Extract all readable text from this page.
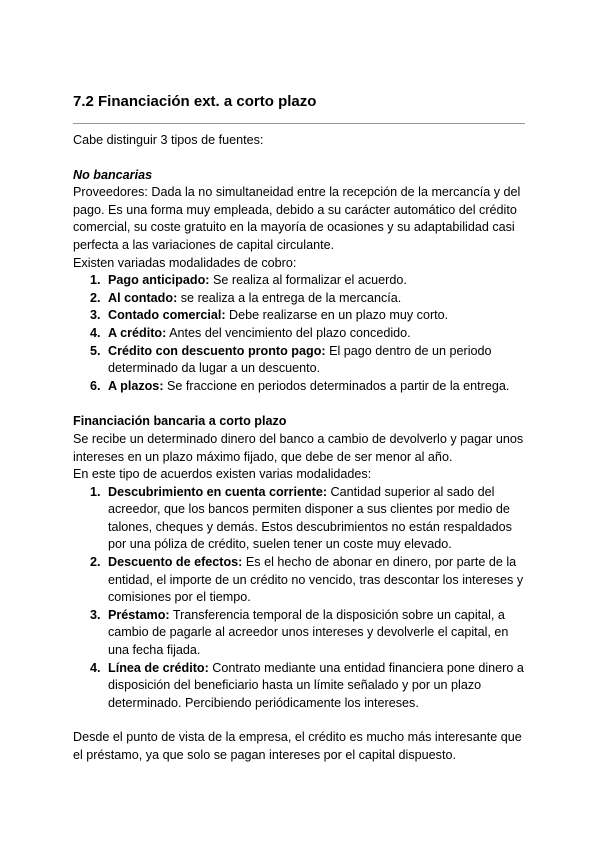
7.2 Financiación ext. a corto plazo

Cabe distinguir 3 tipos de fuentes:

No bancarias

Proveedores: Dada la no simultaneidad entre la recepción de la mercancía y del pago. Es una forma muy empleada, debido a su carácter automático del crédito comercial, su coste gratuito en la mayoría de ocasiones y su adaptabilidad casi perfecta a las variaciones de capital circulante.

Existen variadas modalidades de cobro:

1. Pago anticipado: Se realiza al formalizar el acuerdo.
2. Al contado: se realiza a la entrega de la mercancía.
3. Contado comercial: Debe realizarse en un plazo muy corto.
4. A crédito: Antes del vencimiento del plazo concedido.
5. Crédito con descuento pronto pago: El pago dentro de un periodo determinado da lugar a un descuento.
6. A plazos: Se fraccione en periodos determinados a partir de la entrega.

Financiación bancaria a corto plazo

Se recibe un determinado dinero del banco a cambio de devolverlo y pagar unos intereses en un plazo máximo fijado, que debe de ser menor al año.

En este tipo de acuerdos existen varias modalidades:

1. Descubrimiento en cuenta corriente: Cantidad superior al sado del acreedor, que los bancos permiten disponer a sus clientes por medio de talones, cheques y demás. Estos descubrimientos no están respaldados por una póliza de crédito, suelen tener un coste muy elevado.
2. Descuento de efectos: Es el hecho de abonar en dinero, por parte de la entidad, el importe de un crédito no vencido, tras descontar los intereses y comisiones por el tiempo.
3. Préstamo: Transferencia temporal de la disposición sobre un capital, a cambio de pagarle al acreedor unos intereses y devolverle el capital, en una fecha fijada.
4. Línea de crédito: Contrato mediante una entidad financiera pone dinero a disposición del beneficiario hasta un límite señalado y por un plazo determinado. Percibiendo periódicamente los intereses.

Desde el punto de vista de la empresa, el crédito es mucho más interesante que el préstamo, ya que solo se pagan intereses por el capital dispuesto.
